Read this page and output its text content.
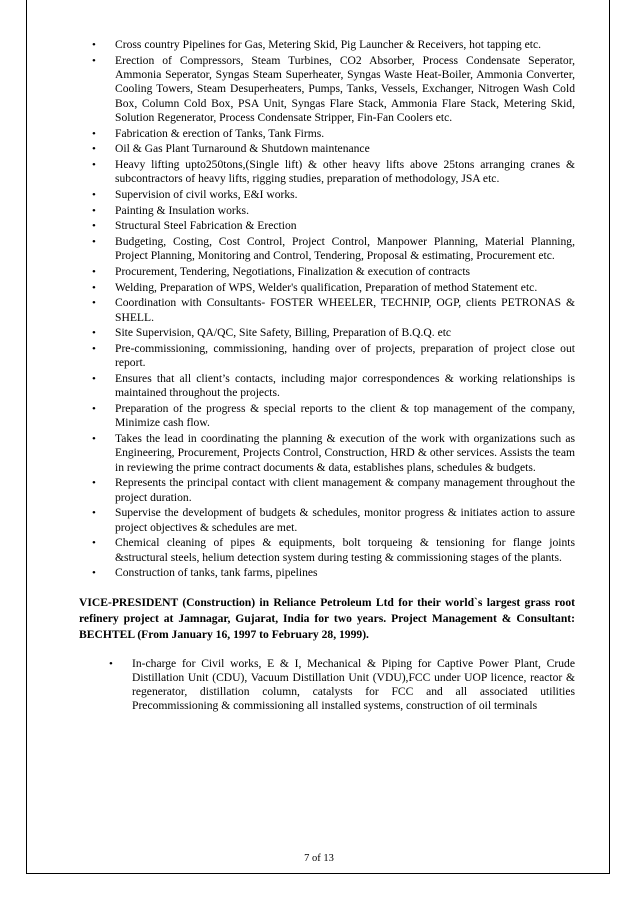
• Cross country Pipelines for Gas, Metering Skid, Pig Launcher & Receivers, hot tapping etc.
• Erection of Compressors, Steam Turbines, CO2 Absorber, Process Condensate Seperator, Ammonia Seperator, Syngas Steam Superheater, Syngas Waste Heat-Boiler, Ammonia Converter, Cooling Towers, Steam Desuperheaters, Pumps, Tanks, Vessels, Exchanger, Nitrogen Wash Cold Box, Column Cold Box, PSA Unit, Syngas Flare Stack, Ammonia Flare Stack, Metering Skid, Solution Regenerator, Process Condensate Stripper, Fin-Fan Coolers etc.
• Fabrication & erection of Tanks, Tank Firms.
• Oil & Gas Plant Turnaround & Shutdown maintenance
• Heavy lifting upto250tons,(Single lift) & other heavy lifts above 25tons arranging cranes & subcontractors of heavy lifts, rigging studies, preparation of methodology, JSA etc.
• Supervision of civil works, E&I works.
• Painting & Insulation works.
• Structural Steel Fabrication & Erection
• Budgeting, Costing, Cost Control, Project Control, Manpower Planning, Material Planning, Project Planning, Monitoring and Control, Tendering, Proposal & estimating, Procurement etc.
• Procurement, Tendering, Negotiations, Finalization & execution of contracts
• Welding, Preparation of WPS, Welder's qualification, Preparation of method Statement etc.
• Coordination with Consultants- FOSTER WHEELER, TECHNIP, OGP, clients PETRONAS & SHELL.
• Site Supervision, QA/QC, Site Safety, Billing, Preparation of B.Q.Q. etc
• Pre-commissioning, commissioning, handing over of projects, preparation of project close out report.
• Ensures that all client’s contacts, including major correspondences & working relationships is maintained throughout the projects.
• Preparation of the progress & special reports to the client & top management of the company, Minimize cash flow.
• Takes the lead in coordinating the planning & execution of the work with organizations such as Engineering, Procurement, Projects Control, Construction, HRD & other services. Assists the team in reviewing the prime contract documents & data, establishes plans, schedules & budgets.
• Represents the principal contact with client management & company management throughout the project duration.
• Supervise the development of budgets & schedules, monitor progress & initiates action to assure project objectives & schedules are met.
• Chemical cleaning of pipes & equipments, bolt torqueing & tensioning for flange joints &structural steels, helium detection system during testing & commissioning stages of the plants.
• Construction of tanks, tank farms, pipelines
VICE-PRESIDENT (Construction) in Reliance Petroleum Ltd for their world`s largest grass root refinery project at Jamnagar, Gujarat, India for two years. Project Management & Consultant: BECHTEL (From January 16, 1997 to February 28, 1999).
• In-charge for Civil works, E & I, Mechanical & Piping for Captive Power Plant, Crude Distillation Unit (CDU), Vacuum Distillation Unit (VDU),FCC under UOP licence, reactor & regenerator, distillation column, catalysts for FCC and all associated utilities Precommissioning & commissioning all installed systems, construction of oil terminals
7 of 13
